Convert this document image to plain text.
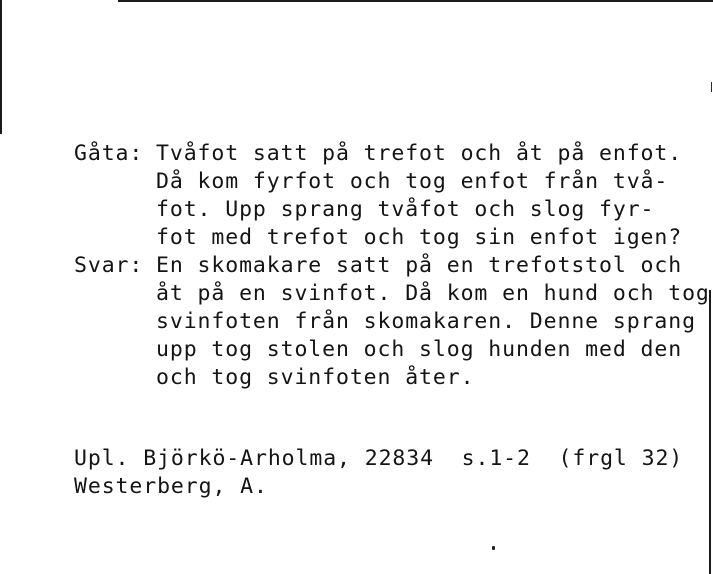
Gåta: Tvåfot satt på trefot och åt på enfot.
Då kom fyrfot och tog enfot från två-
fot. Upp sprang tvåfot och slog fyr-
fot med trefot och tog sin enfot igen?
Svar: En skomakare satt på en trefotstol och
åt på en svinfot. Då kom en hund och tog
svinfoten från skomakaren. Denne sprang
upp tog stolen och slog hunden med den
och tog svinfoten åter.
Upl. Björkö-Arholma, 22834  s.1-2  (frgl 32)
Westerberg, A.
